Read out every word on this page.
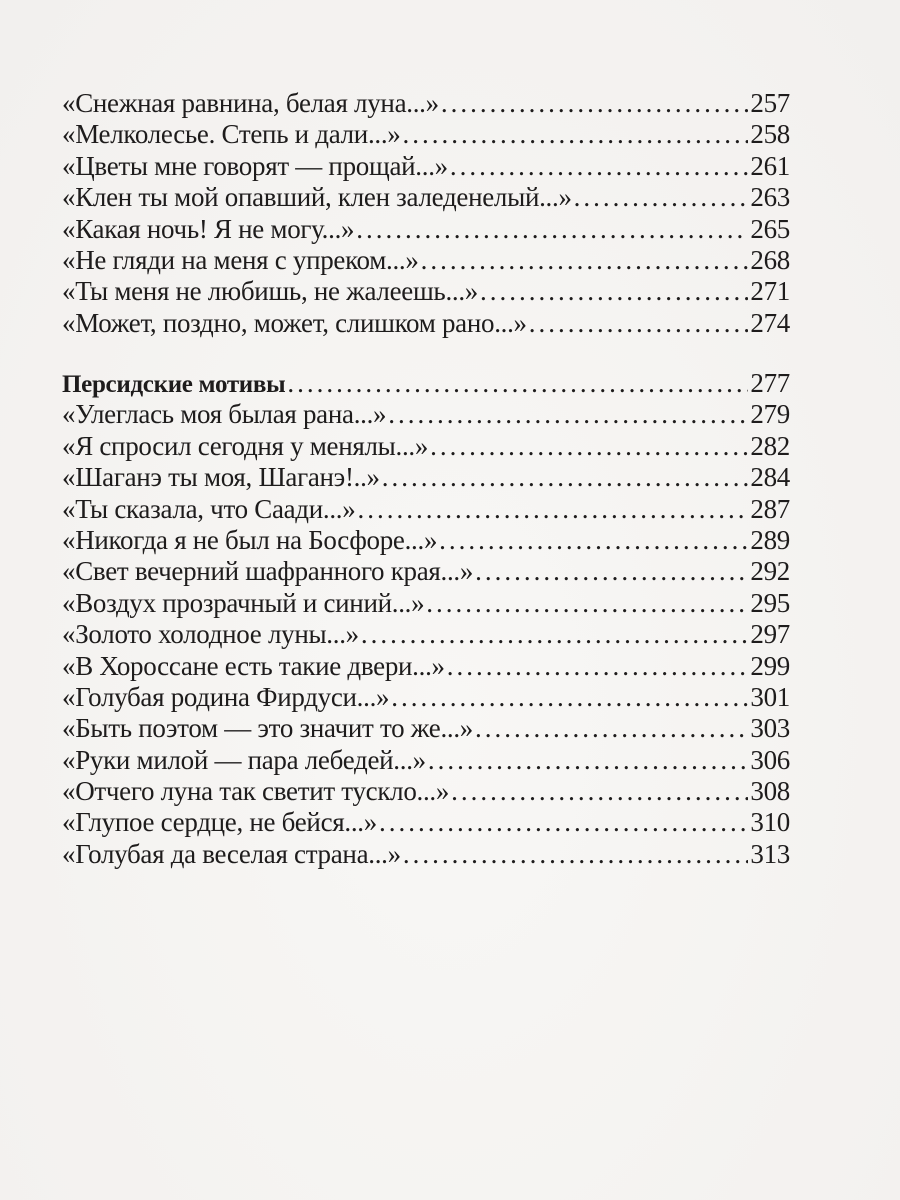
«Снежная равнина, белая луна...» .....	257
«Мелколесье. Степь и дали...» .....	258
«Цветы мне говорят — прощай...» .....	261
«Клен ты мой опавший, клен заледенелый...» .....	263
«Какая ночь! Я не могу...» .....	265
«Не гляди на меня с упреком...» .....	268
«Ты меня не любишь, не жалеешь...» .....	271
«Может, поздно, может, слишком рано...» .....	274
Персидские мотивы .....	277
«Улеглась моя былая рана...» .....	279
«Я спросил сегодня у менялы...» .....	282
«Шаганэ ты моя, Шаганэ!..» .....	284
«Ты сказала, что Саади...» .....	287
«Никогда я не был на Босфоре...» .....	289
«Свет вечерний шафранного края...» .....	292
«Воздух прозрачный и синий...» .....	295
«Золото холодное луны...» .....	297
«В Хороссане есть такие двери...» .....	299
«Голубая родина Фирдуси...» .....	301
«Быть поэтом — это значит то же...» .....	303
«Руки милой — пара лебедей...» .....	306
«Отчего луна так светит тускло...» .....	308
«Глупое сердце, не бейся...» .....	310
«Голубая да веселая страна...» .....	313
